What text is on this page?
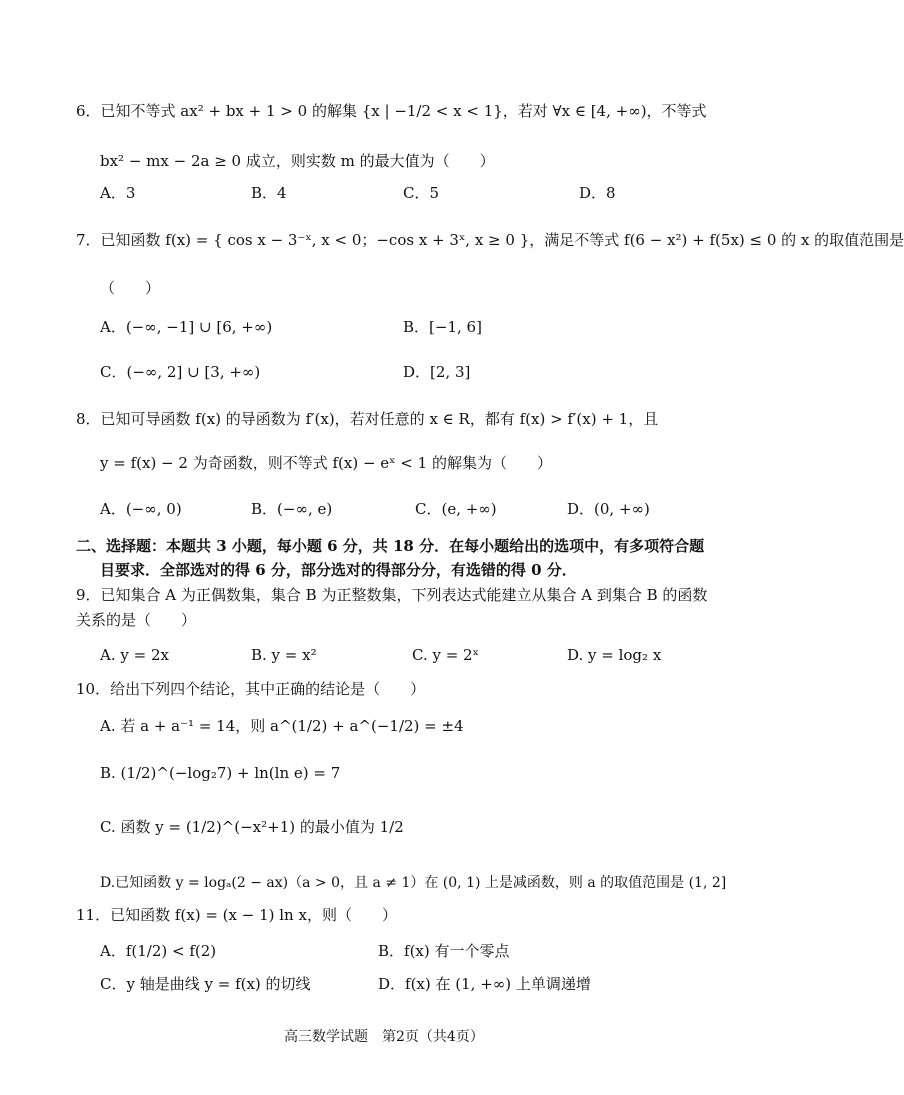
6．已知不等式 ax² + bx + 1 > 0 的解集 {x | −1/2 < x < 1}，若对 ∀x ∈ [4, +∞)，不等式
bx² − mx − 2a ≥ 0 成立，则实数 m 的最大值为（　　）
A．3	B．4	C．5	D．8
7．已知函数 f(x) = { cos x − 3⁻ˣ, x < 0；−cos x + 3ˣ, x ≥ 0 }，满足不等式 f(6 − x²) + f(5x) ≤ 0 的 x 的取值范围是
（　　）
A．(−∞, −1] ∪ [6, +∞)	B．[−1, 6]
C．(−∞, 2] ∪ [3, +∞)	D．[2, 3]
8．已知可导函数 f(x) 的导函数为 f′(x)，若对任意的 x ∈ R，都有 f(x) > f′(x) + 1，且
y = f(x) − 2 为奇函数，则不等式 f(x) − eˣ < 1 的解集为（　　）
A．(−∞, 0)	B．(−∞, e)	C．(e, +∞)	D．(0, +∞)
二、选择题：本题共 3 小题，每小题 6 分，共 18 分．在每小题给出的选项中，有多项符合题
目要求．全部选对的得 6 分，部分选对的得部分分，有选错的得 0 分．
9．已知集合 A 为正偶数集，集合 B 为正整数集，下列表达式能建立从集合 A 到集合 B 的函数
关系的是（　　）
A. y = 2x	B. y = x²	C. y = 2ˣ	D. y = log₂ x
10．给出下列四个结论，其中正确的结论是（　　）
A. 若 a + a⁻¹ = 14，则 a^(1/2) + a^(−1/2) = ±4
B. (1/2)^(−log₂7) + ln(ln e) = 7
C. 函数 y = (1/2)^(−x²+1) 的最小值为 1/2
D.已知函数 y = logₐ(2 − ax)（a > 0，且 a ≠ 1）在 (0, 1) 上是减函数，则 a 的取值范围是 (1, 2]
11．已知函数 f(x) = (x − 1) ln x，则（　　）
A．f(1/2) < f(2)	B．f(x) 有一个零点
C．y 轴是曲线 y = f(x) 的切线	D．f(x) 在 (1, +∞) 上单调递增
高三数学试题　第2页（共4页）
